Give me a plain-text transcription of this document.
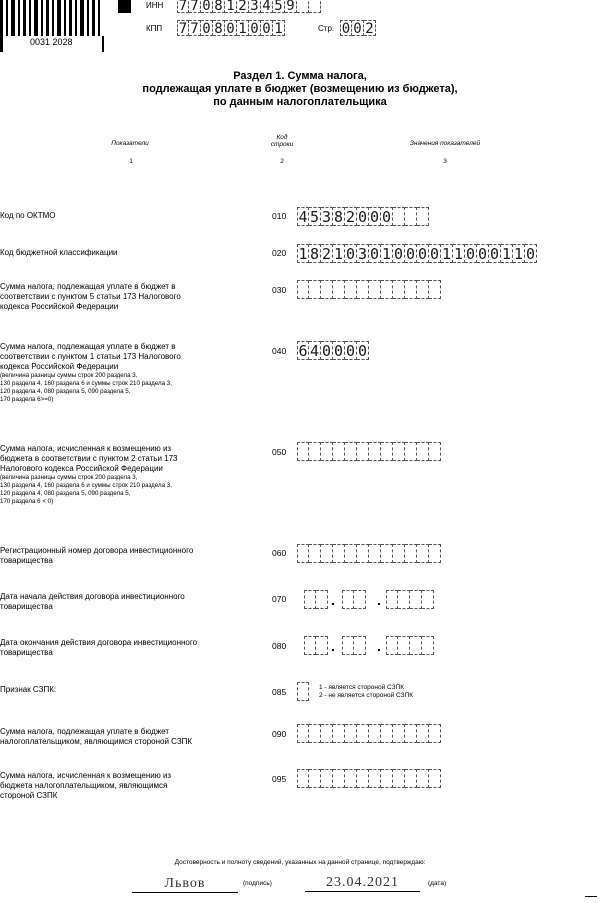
0031 2028
ИНН 7 7 0 8 1 2 3 4 5 9
КПП 7 7 0 8 0 1 0 0 1	Стр. 0 0 2
Раздел 1. Сумма налога,
подлежащая уплате в бюджет (возмещению из бюджета),
по данным налогоплательщика
Показатели
Код
строки	Значения показателей
1	2	3
Код по ОКТМО	010 4 5 3 8 2 0 0 0
Код бюджетной классификации	020 1 8 2 1 0 3 0 1 0 0 0 0 1 1 0 0 0 1 1 0
Сумма налога, подлежащая уплате в бюджет в
соответствии с пунктом 5 статьи 173 Налогового
кодекса Российской Федерации
030
Сумма налога, подлежащая уплате в бюджет в
соответствии с пунктом 1 статьи 173 Налогового
кодекса Российской Федерации
(величина разницы суммы строк 200 раздела 3,
130 раздела 4, 160 раздела 6 и суммы строк 210 раздела 3,
120 раздела 4, 080 раздела 5, 090 раздела 5,
170 раздела 6>=0)
040 6 4 0 0 0 0
Сумма налога, исчисленная к возмещению из
бюджета в соответствии с пунктом 2 статьи 173
Налогового кодекса Российской Федерации
(величина разницы суммы строк 200 раздела 3,
130 раздела 4, 160 раздела 6 и суммы строк 210 раздела 3,
120 раздела 4, 080 раздела 5, 090 раздела 5,
170 раздела 6 < 0)
050
Регистрационный номер договора инвестиционного
товарищества
060
Дата начала действия договора инвестиционного
товарищества
070	.	.
Дата окончания действия договора инвестиционного
товарищества
080	.	.
Признак СЗПК:	085	1 - является стороной СЗПК
2 - не является стороной СЗПК
Сумма налога, подлежащая уплате в бюджет
налогоплательщиком, являющимся стороной СЗПК
090
Сумма налога, исчисленная к возмещению из
бюджета налогоплательщиком, являющимся
стороной СЗПК
095
Достоверность и полноту сведений, указанных на данной странице, подтверждаю:
Львов	(подпись)	23.04.2021	(дата)
